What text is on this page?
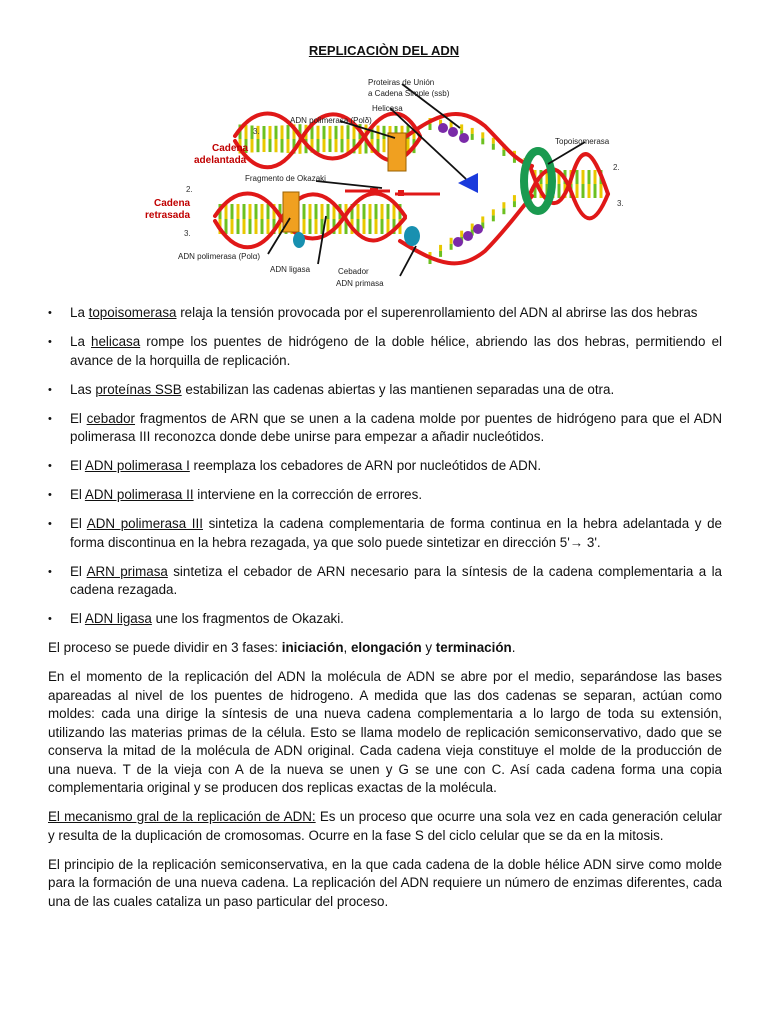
REPLICACIÒN DEL ADN
Proteiras de Unión
a Cadena Simple (ssb)
Helicasa
ADN polimerasa (Polδ)
Topoisomerasa
Cadena
adelantada
Fragmento de Okazaki
Cadena
retrasada
ADN polimerasa (Polα)
ADN ligasa	Cebador
ADN primasa
3.
2.
3.
2.
3.
• La topoisomerasa relaja la tensión provocada por el superenrollamiento del ADN al abrirse las dos hebras
• La helicasa rompe los puentes de hidrógeno de la doble hélice, abriendo las dos hebras, permitiendo el avance de la horquilla de replicación.
• Las proteínas SSB estabilizan las cadenas abiertas y las mantienen separadas una de otra.
• El cebador fragmentos de ARN que se unen a la cadena molde por puentes de hidrógeno para que el ADN polimerasa III reconozca donde debe unirse para empezar a añadir nucleótidos.
• El ADN polimerasa I reemplaza los cebadores de ARN por nucleótidos de ADN.
• El ADN polimerasa II interviene en la corrección de errores.
• El ADN polimerasa III sintetiza la cadena complementaria de forma continua en la hebra adelantada y de forma discontinua en la hebra rezagada, ya que solo puede sintetizar en dirección 5'→ 3'.
• El ARN primasa sintetiza el cebador de ARN necesario para la síntesis de la cadena complementaria a la cadena rezagada.
• El ADN ligasa une los fragmentos de Okazaki.

El proceso se puede dividir en 3 fases: iniciación, elongación y terminación.

En el momento de la replicación del ADN la molécula de ADN se abre por el medio, separándose las bases apareadas al nivel de los puentes de hidrogeno. A medida que las dos cadenas se separan, actúan como moldes: cada una dirige la síntesis de una nueva cadena complementaria a lo largo de toda su extensión, utilizando las materias primas de la célula. Esto se llama modelo de replicación semiconservativo, dado que se conserva la mitad de la molécula de ADN original. Cada cadena vieja constituye el molde de la producción de una nueva. T de la vieja con A de la nueva se unen y G se une con C. Así cada cadena forma una copia complementaria original y se producen dos replicas exactas de la molécula.

El mecanismo gral de la replicación de ADN: Es un proceso que ocurre una sola vez en cada generación celular y resulta de la duplicación de cromosomas. Ocurre en la fase S del ciclo celular que se da en la mitosis.

El principio de la replicación semiconservativa, en la que cada cadena de la doble hélice ADN sirve como molde para la formación de una nueva cadena. La replicación del ADN requiere un número de enzimas diferentes, cada una de las cuales cataliza un paso particular del proceso.
